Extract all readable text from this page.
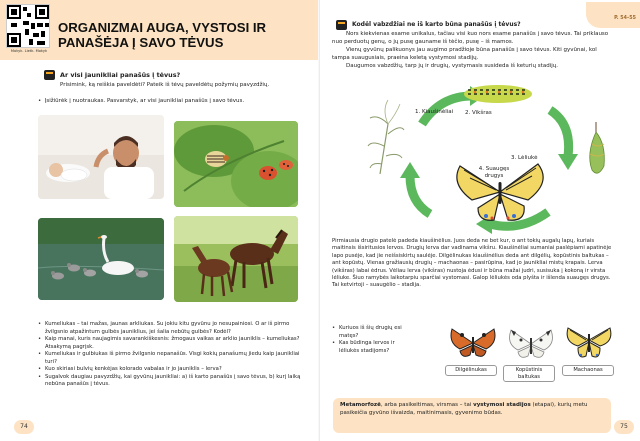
Mokyk. Lietk. Mokyk
ORGANIZMAI AUGA, VYSTOSI IR PANAŠĖJA Į SAVO TĖVUS
Ar visi jaunikliai panašūs į tėvus?
Prisimink, ką reiškia paveldėti? Pateik iš tėvų paveldėtų požymių pavyzdžių.
•  Įsižiūrėk į nuotraukas. Pasvarstyk, ar visi jaunikliai panašūs į savo tėvus.
• Kumeliukas – tai mažas, jaunas arkliukas. Su jokiu kitu gyvūnu jo nesupainiosi. O ar iš pirmo žvilgsnio atpažintum gulbės jauniklius, jei šalia nebūtų gulbės? Kodėl?
• Kaip manai, kuris naujagimis savarankiškesnis: žmogaus vaikas ar arklio jauniklis – kumeliukas? Atsakymą pagrįsk.
• Kumeliukas ir gulbiukas iš pirmo žvilgsnio nepanašūs. Visgi kokių panašumų jiedu kaip jaunikliai turi?
• Kuo skiriasi bulvių kenkėjas kolorado vabalas ir jo jauniklis – lerva?
• Sugalvok daugiau pavyzdžių, kai gyvūnų jaunikliai: a) iš karto panašūs į savo tėvus, b) kurį laiką nebūna panašūs į tėvus.
74
P. 54–55
Kodėl vabzdžiai ne iš karto būna panašūs į tėvus?
Nors kiekvienas esame unikalus, tačiau visi kuo nors esame panašūs į savo tėvus. Tai priklauso nuo perduotų genų, o jų pusę gauname iš tėčio, pusę – iš mamos.
Vienų gyvūnų palikuonys jau augimo pradžioje būna panašūs į savo tėvus. Kiti gyvūnai, kol tampa suaugusiais, praeina keletą vystymosi stadijų.
Daugumos vabzdžių, tarp jų ir drugių, vystymasis susideda iš keturių stadijų.
1. Kiaušinėliai 2. Vikšras
3. Lėliukė
4. Suaugęs drugys
Pirmiausia drugio patelė padeda kiaušinėlius. Juos deda ne bet kur, o ant tokių augalų lapų, kuriais maitinsis išsiritusios lervos. Drugių lerva dar vadinama vikšru. Kiaušinėliai sumaniai paslėpiami apatinėje lapo pusėje, kad jie neišsiskirtų saulėje. Dilgėlinukas kiaušinėlius deda ant dilgėlių, kopūstinis baltukas – ant kopūstų. Vienas gražiausių drugių – machaonas – pasirūpina, kad jo jaunikliai mistų krapais. Lerva (vikšras) labai ėdrus. Vėliau lerva (vikšras) nustoja ėdusi ir būna mažai judri, susisuka į kokoną ir virsta lėliuke. Šiuo ramybės laikotarpiu sparčiai vystomasi. Galop lėliukės oda plyšta ir išlenda suaugęs drugys. Tai ketvirtoji – suaugėlio – stadija.
• Kuriuos iš šių drugių esi matęs?
• Kas būdinga lervos ir lėliukės stadijoms?
Dilgėlinukas	Kopūstinis baltukas
Machaonas
75
Metamorfozė, arba pasikeitimas, virsmas – tai vystymosi stadijos (etapai), kurių metu pasikeičia gyvūno išvaizda, maitinimasis, gyvenimo būdas.
